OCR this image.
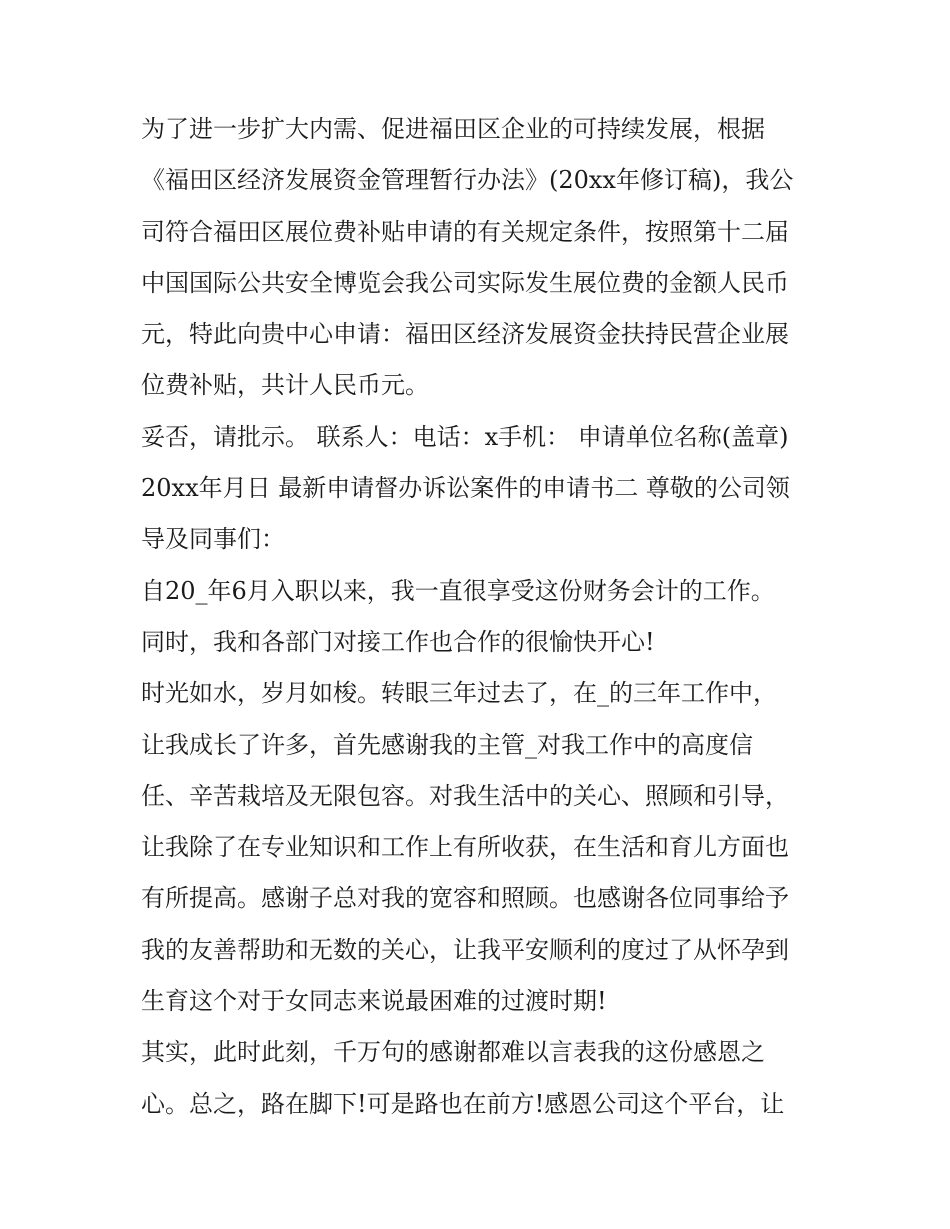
为了进一步扩大内需、促进福田区企业的可持续发展，根据
《福田区经济发展资金管理暂行办法》(20xx年修订稿)，我公
司符合福田区展位费补贴申请的有关规定条件，按照第十二届
中国国际公共安全博览会我公司实际发生展位费的金额人民币
元，特此向贵中心申请：福田区经济发展资金扶持民营企业展
位费补贴，共计人民币元。
妥否，请批示。 联系人：电话：x手机： 申请单位名称(盖章)
20xx年月日 最新申请督办诉讼案件的申请书二 尊敬的公司领
导及同事们：
自20_年6月入职以来，我一直很享受这份财务会计的工作。
同时，我和各部门对接工作也合作的很愉快开心!
时光如水，岁月如梭。转眼三年过去了，在_的三年工作中，
让我成长了许多，首先感谢我的主管_对我工作中的高度信
任、辛苦栽培及无限包容。对我生活中的关心、照顾和引导，
让我除了在专业知识和工作上有所收获，在生活和育儿方面也
有所提高。感谢子总对我的宽容和照顾。也感谢各位同事给予
我的友善帮助和无数的关心，让我平安顺利的度过了从怀孕到
生育这个对于女同志来说最困难的过渡时期!
其实，此时此刻，千万句的感谢都难以言表我的这份感恩之
心。总之，路在脚下!可是路也在前方!感恩公司这个平台，让
